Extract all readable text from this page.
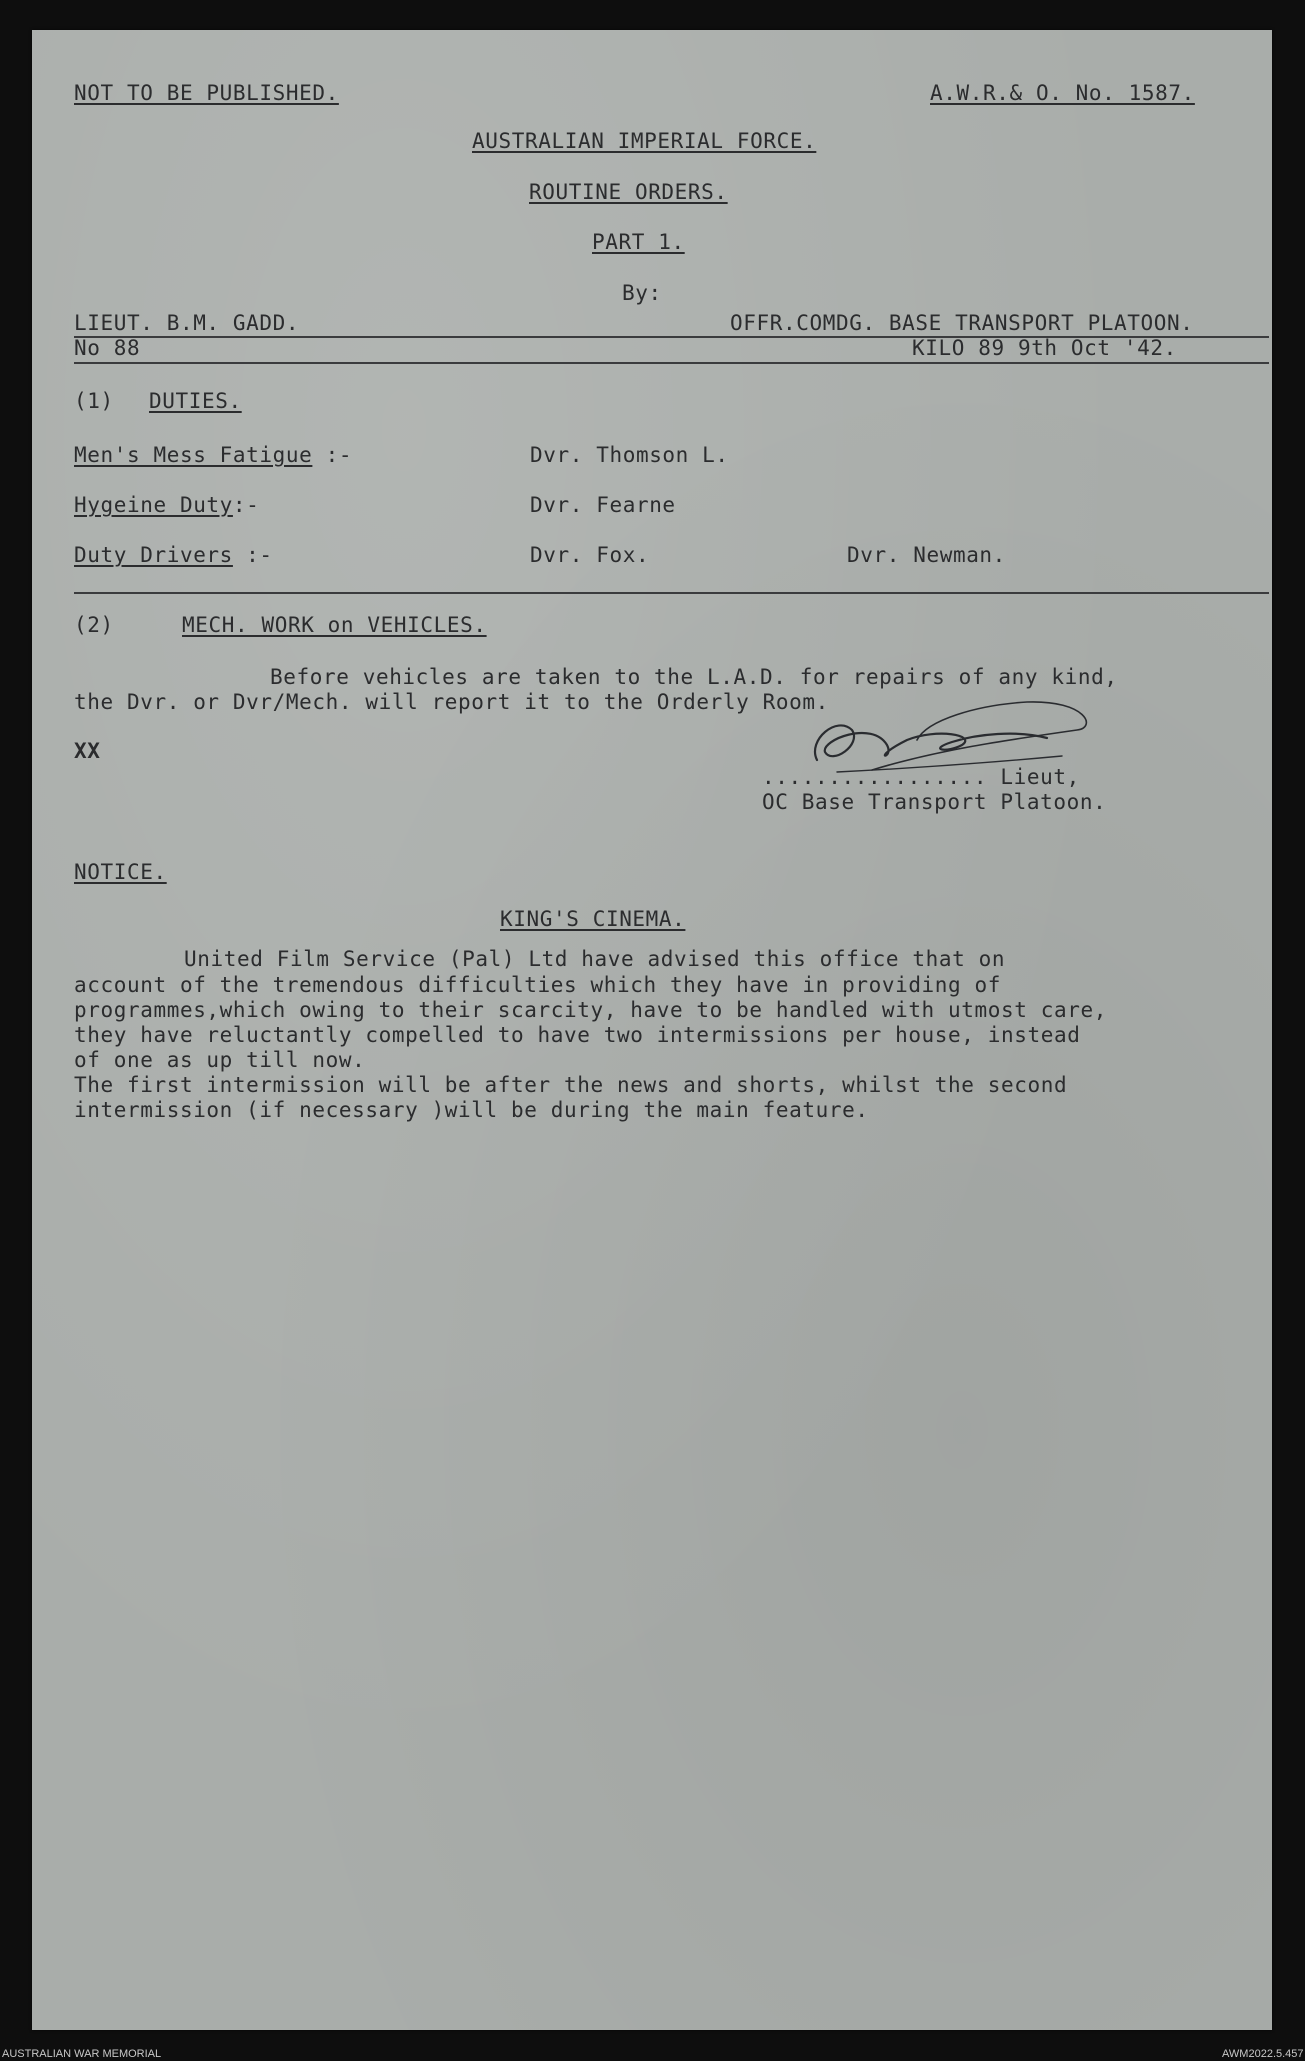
NOT TO BE PUBLISHED.	A.W.R.& O. No. 1587.
AUSTRALIAN IMPERIAL FORCE.
ROUTINE ORDERS.
PART 1.
By:
LIEUT. B.M. GADD.	OFFR.COMDG. BASE TRANSPORT PLATOON.
No 88	KILO 89 9th Oct '42.
(1) DUTIES.
Men's Mess Fatigue :-	Dvr. Thomson L.
Hygeine Duty:-	Dvr. Fearne
Duty Drivers :-	Dvr. Fox.	Dvr. Newman.
(2)	MECH. WORK on VEHICLES.
Before vehicles are taken to the L.A.D. for repairs of any kind,
the Dvr. or Dvr/Mech. will report it to the Orderly Room.
XX
................. Lieut,
OC Base Transport Platoon.
NOTICE.
KING'S CINEMA.
United Film Service (Pal) Ltd have advised this office that on
account of the tremendous difficulties which they have in providing of
programmes,which owing to their scarcity, have to be handled with utmost care,
they have reluctantly compelled to have two intermissions per house, instead
of one as up till now.
The first intermission will be after the news and shorts, whilst the second
intermission (if necessary )will be during the main feature.
AUSTRALIAN WAR MEMORIAL	AWM2022.5.457
